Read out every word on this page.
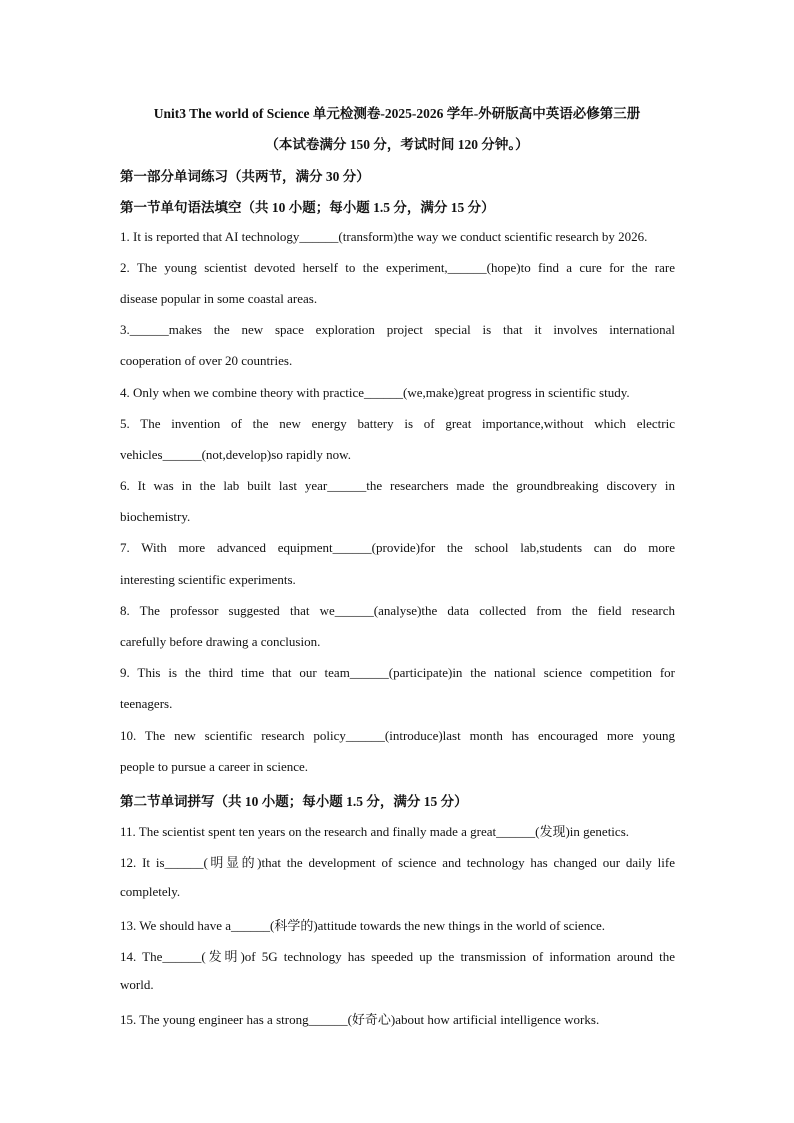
Unit3 The world of Science 单元检测卷-2025-2026 学年-外研版高中英语必修第三册
（本试卷满分 150 分，考试时间 120 分钟。）
第一部分单词练习（共两节，满分 30 分）
第一节单句语法填空（共 10 小题；每小题 1.5 分，满分 15 分）
1. It is reported that AI technology______(transform)the way we conduct scientific research by 2026.
2. The young scientist devoted herself to the experiment,______(hope)to find a cure for the rare
disease popular in some coastal areas.
3.______makes the new space exploration project special is that it involves international
cooperation of over 20 countries.
4. Only when we combine theory with practice______(we,make)great progress in scientific study.
5. The invention of the new energy battery is of great importance,without which electric
vehicles______(not,develop)so rapidly now.
6. It was in the lab built last year______the researchers made the groundbreaking discovery in
biochemistry.
7. With more advanced equipment______(provide)for the school lab,students can do more
interesting scientific experiments.
8. The professor suggested that we______(analyse)the data collected from the field research
carefully before drawing a conclusion.
9. This is the third time that our team______(participate)in the national science competition for
teenagers.
10. The new scientific research policy______(introduce)last month has encouraged more young
people to pursue a career in science.
第二节单词拼写（共 10 小题；每小题 1.5 分，满分 15 分）
11. The scientist spent ten years on the research and finally made a great______(发现)in genetics.
12. It is______(明显的)that the development of science and technology has changed our daily life
completely.
13. We should have a______(科学的)attitude towards the new things in the world of science.
14. The______(发明)of 5G technology has speeded up the transmission of information around the
world.
15. The young engineer has a strong______(好奇心)about how artificial intelligence works.
